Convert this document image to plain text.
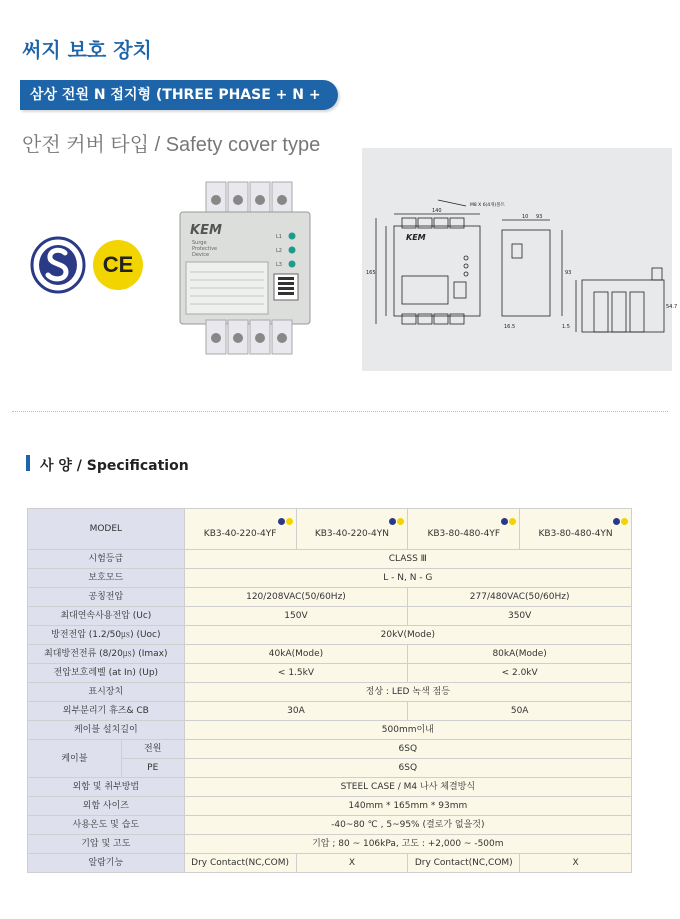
써지 보호 장치
삼상 전원 N 접지형 (THREE PHASE + N + E)
안전 커버 타입 / Safety cover type
CE
KEM
Surge
Protective
Device
L1
L2
L3
M8 X 6(4개)볼트
140
10 93
165	93
16.5	1.5
54.7
KEM
사 양 / Specification
MODEL		KB3-40-220-4YF	KB3-40-220-4YN	KB3-80-480-4YF	KB3-80-480-4YN
시험등급		CLASS Ⅲ			
보호모드		L - N, N - G			
공칭전압		120/208VAC(50/60Hz)		277/480VAC(50/60Hz)	
최대연속사용전압 (Uc)		150V		350V	
방전전압 (1.2/50㎲) (Uoc)		20kV(Mode)			
최대방전전류 (8/20㎲) (Imax)		40kA(Mode)		80kA(Mode)	
전압보호레벨 (at In) (Up)		< 1.5kV		< 2.0kV	
표시장치		정상 : LED 녹색 점등			
외부분리기 휴즈& CB		30A		50A	
케이블 설치길이		500mm이내			
케이블	전원	6SQ			
	PE	6SQ			
외함 및 취부방법		STEEL CASE / M4 나사 체결방식			
외함 사이즈		140mm * 165mm * 93mm			
사용온도 및 습도		-40~80 ℃ , 5~95% (결로가 없을것)			
기압 및 고도		기압 ; 80 ~ 106kPa, 고도 : +2,000 ~ -500m			
알람기능		Dry Contact(NC,COM)	X	Dry Contact(NC,COM)	X
